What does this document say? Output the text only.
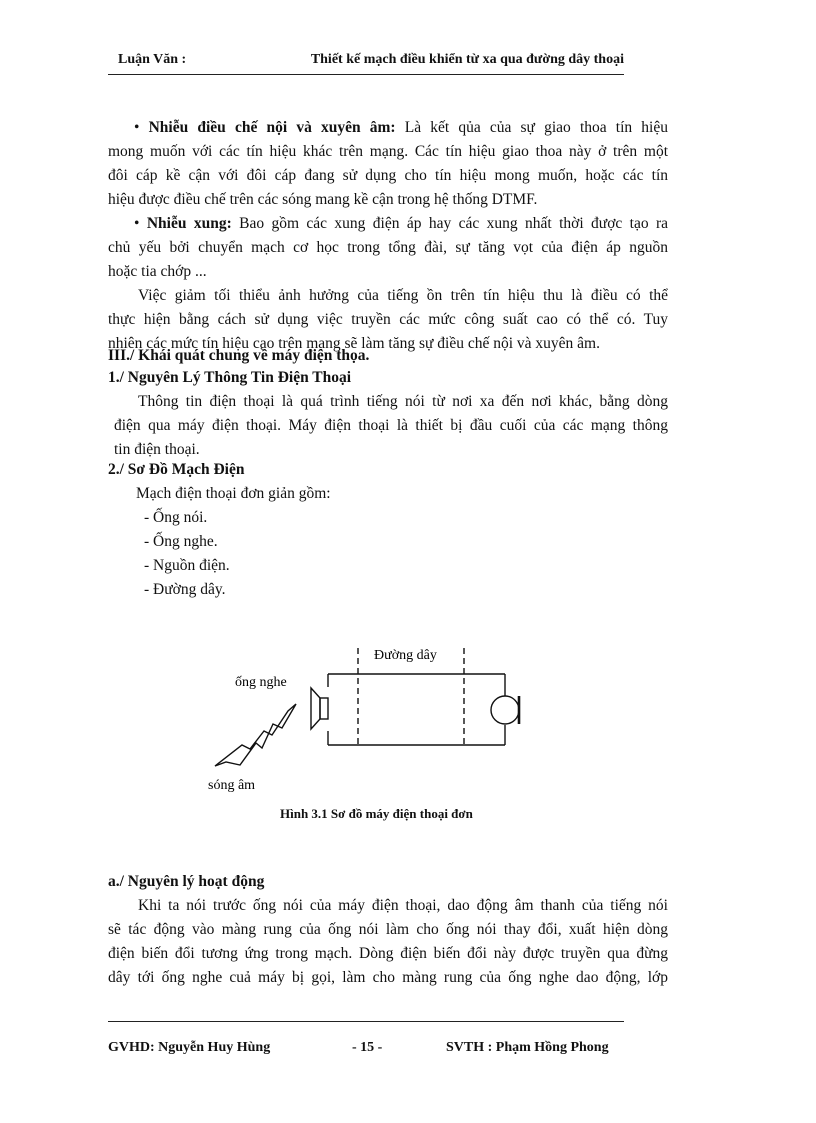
Luận Văn :	Thiết kế mạch điều khiển từ xa qua đường dây thoại
• Nhiễu điều chế nội và xuyên âm: Là kết qủa của sự giao thoa tín hiệu
mong muốn với các tín hiệu khác trên mạng. Các tín hiệu giao thoa này ở trên một
đôi cáp kề cận với đôi cáp đang sử dụng cho tín hiệu mong muốn, hoặc các tín
hiệu được điều chế trên các sóng mang kề cận trong hệ thống DTMF.
• Nhiễu xung: Bao gồm các xung điện áp hay các xung nhất thời được tạo ra
chủ yếu bởi chuyển mạch cơ học trong tổng đài, sự tăng vọt của điện áp nguồn
hoặc tia chớp ...
Việc giảm tối thiểu ảnh hưởng của tiếng ồn trên tín hiệu thu là điều có thể
thực hiện bằng cách sử dụng việc truyền các mức công suất cao có thể có. Tuy
nhiên các mức tín hiệu cao trên mạng sẽ làm tăng sự điều chế nội và xuyên âm.
III./ Khái quát chung về máy điện thọa.
1./ Nguyên Lý Thông Tin Điện Thoại
Thông tin điện thoại là quá trình tiếng nói từ nơi xa đến nơi khác, bằng dòng
điện qua máy điện thoại. Máy điện thoại là thiết bị đầu cuối của các mạng thông
tin điện thoại.
2./ Sơ Đồ Mạch Điện
Mạch điện thoại đơn giản gồm:
- Ống nói.
- Ống nghe.
- Nguồn điện.
- Đường dây.
Đường dây
ống nghe
sóng âm
Hình 3.1 Sơ đồ máy điện thoại đơn
a./ Nguyên lý hoạt động
Khi ta nói trước ống nói của máy điện thoại, dao động âm thanh của tiếng nói
sẽ tác động vào màng rung của ống nói làm cho ống nói thay đổi, xuất hiện dòng
điện biến đổi tương ứng trong mạch. Dòng điện biến đổi này được truyền qua đừng
dây tới ống nghe cuả máy bị gọi, làm cho màng rung của ống nghe dao động, lớp
GVHD: Nguyễn Huy Hùng	- 15 -	SVTH : Phạm Hồng Phong
